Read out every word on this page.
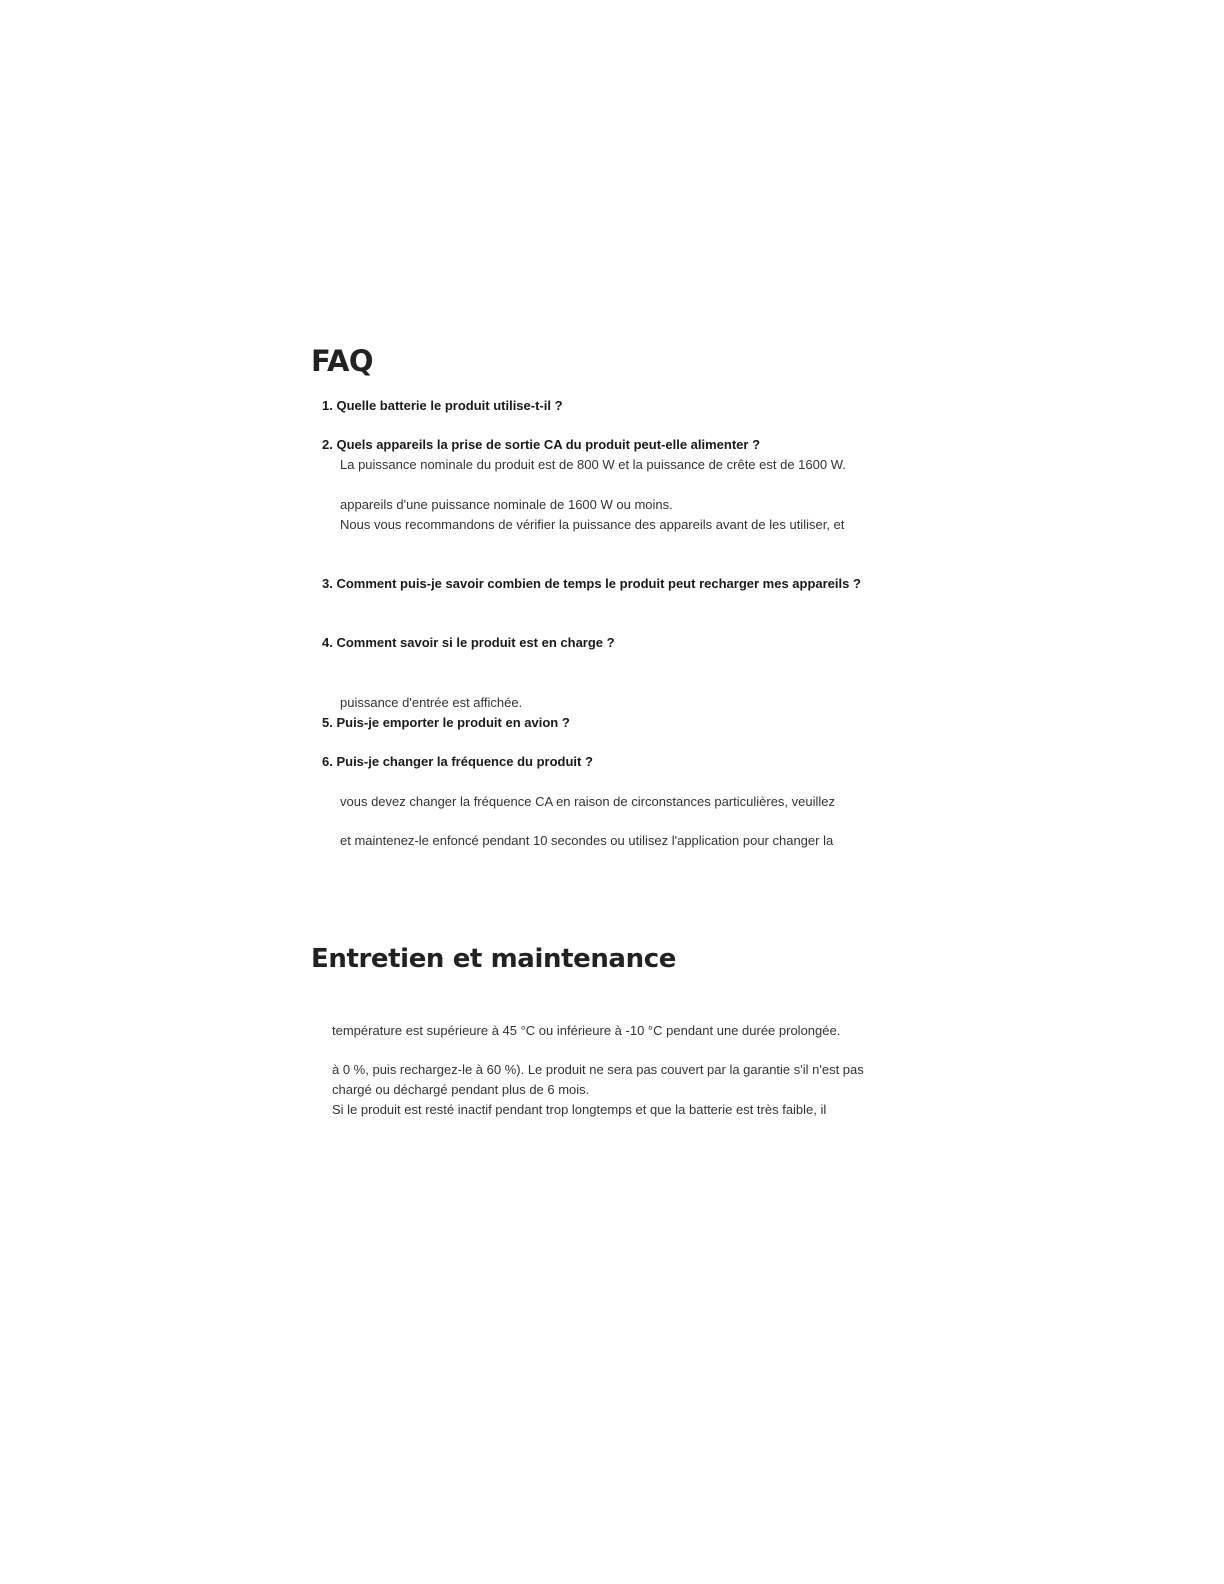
FAQ

1. Quelle batterie le produit utilise-t-il ?

2. Quels appareils la prise de sortie CA du produit peut-elle alimenter ?

La puissance nominale du produit est de 800 W et la puissance de crête est de 1600 W.

appareils d'une puissance nominale de 1600 W ou moins.

Nous vous recommandons de vérifier la puissance des appareils avant de les utiliser, et

3. Comment puis-je savoir combien de temps le produit peut recharger mes appareils ?

4. Comment savoir si le produit est en charge ?

puissance d'entrée est affichée.

5. Puis-je emporter le produit en avion ?

6. Puis-je changer la fréquence du produit ?

vous devez changer la fréquence CA en raison de circonstances particulières, veuillez

et maintenez-le enfoncé pendant 10 secondes ou utilisez l'application pour changer la

Entretien et maintenance

température est supérieure à 45 °C ou inférieure à -10 °C pendant une durée prolongée.

à 0 %, puis rechargez-le à 60 %). Le produit ne sera pas couvert par la garantie s'il n'est pas

chargé ou déchargé pendant plus de 6 mois.

Si le produit est resté inactif pendant trop longtemps et que la batterie est très faible, il
